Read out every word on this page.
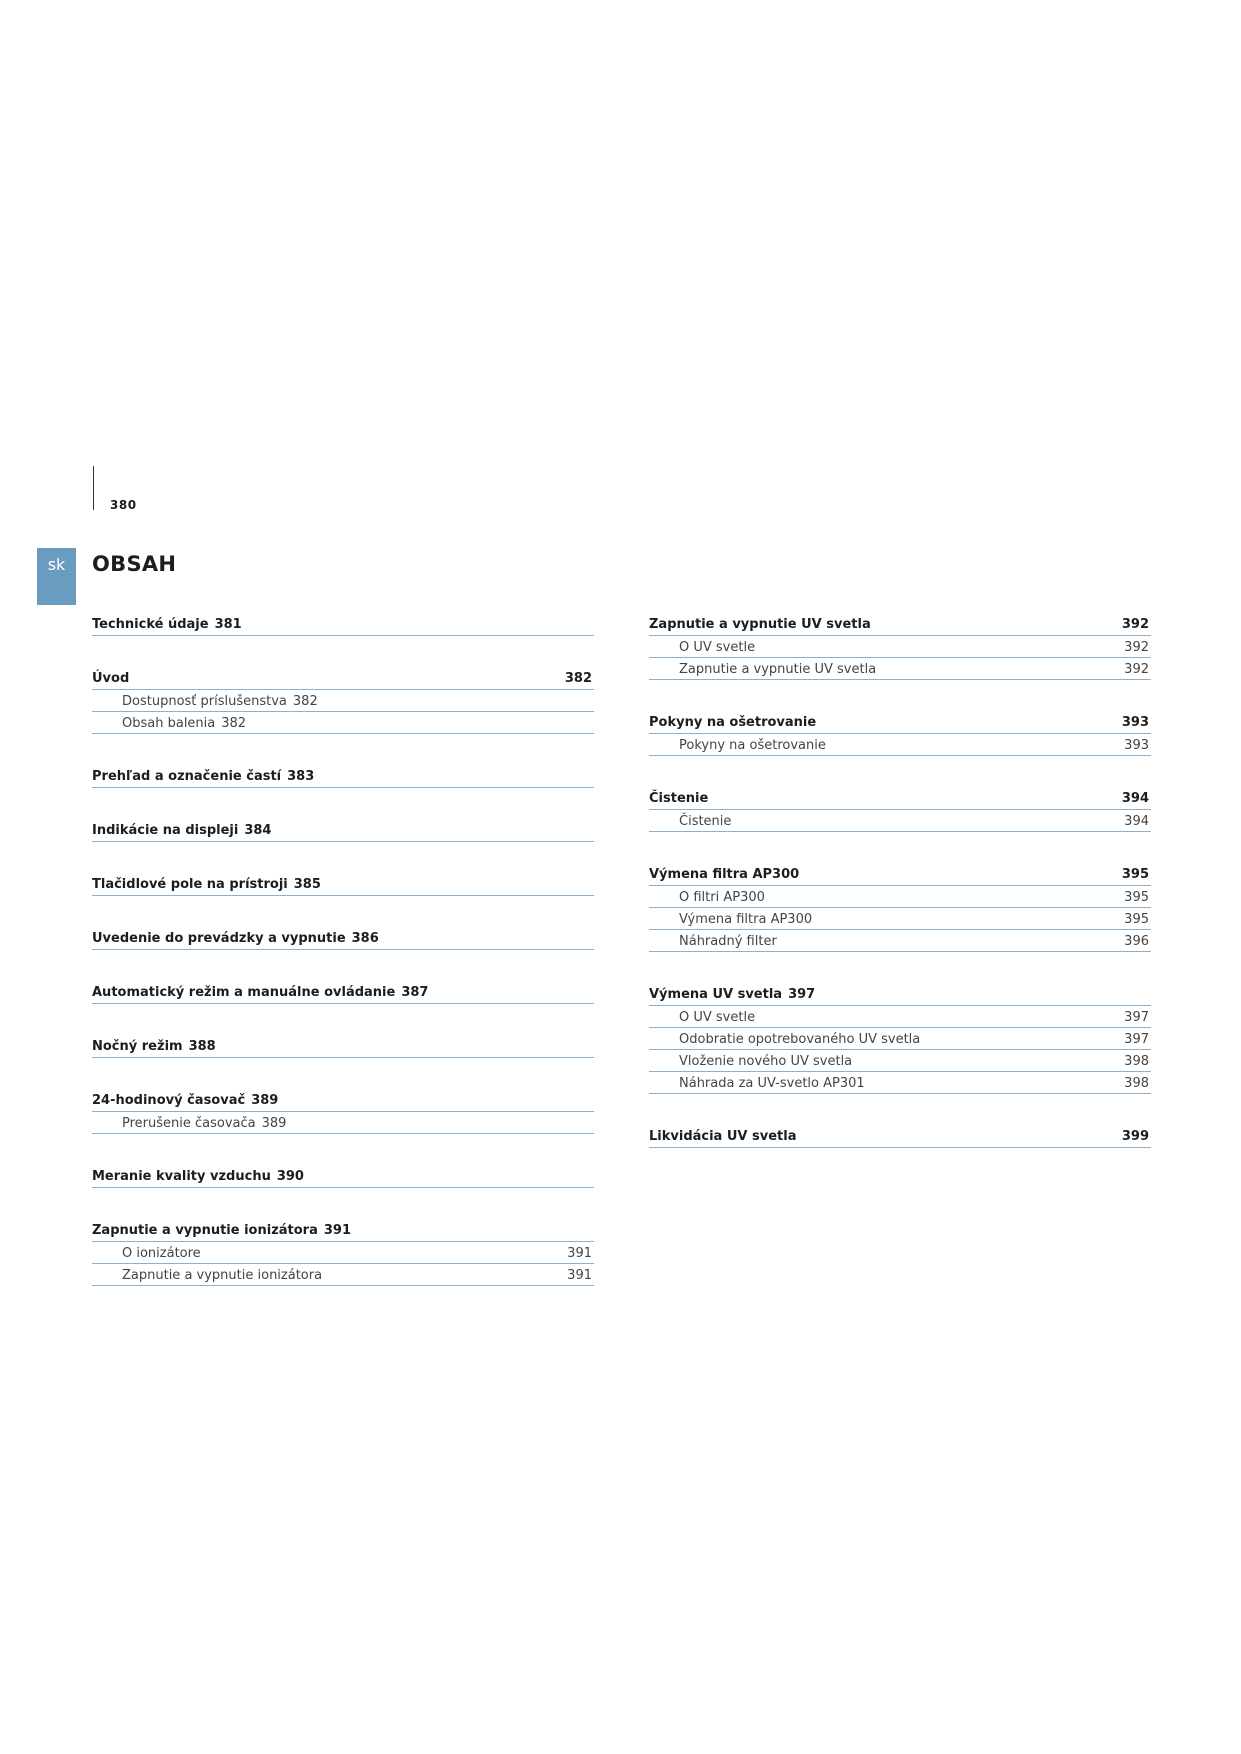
380
sk	OBSAH
Technické údaje 381
Úvod	382
Dostupnosť príslušenstva 382
Obsah balenia 382
Prehľad a označenie častí 383
Indikácie na displeji 384
Tlačidlové pole na prístroji 385
Uvedenie do prevádzky a vypnutie 386
Automatický režim a manuálne ovládanie 387
Nočný režim 388
24-hodinový časovač 389
Prerušenie časovača 389
Meranie kvality vzduchu 390
Zapnutie a vypnutie ionizátora 391
O ionizátore	391
Zapnutie a vypnutie ionizátora	391
Zapnutie a vypnutie UV svetla	392
O UV svetle	392
Zapnutie a vypnutie UV svetla	392
Pokyny na ošetrovanie	393
Pokyny na ošetrovanie	393
Čistenie	394
Čistenie	394
Výmena filtra AP300	395
O filtri AP300	395
Výmena filtra AP300	395
Náhradný filter	396
Výmena UV svetla 397
O UV svetle	397
Odobratie opotrebovaného UV svetla	397
Vloženie nového UV svetla	398
Náhrada za UV-svetlo AP301	398
Likvidácia UV svetla	399
